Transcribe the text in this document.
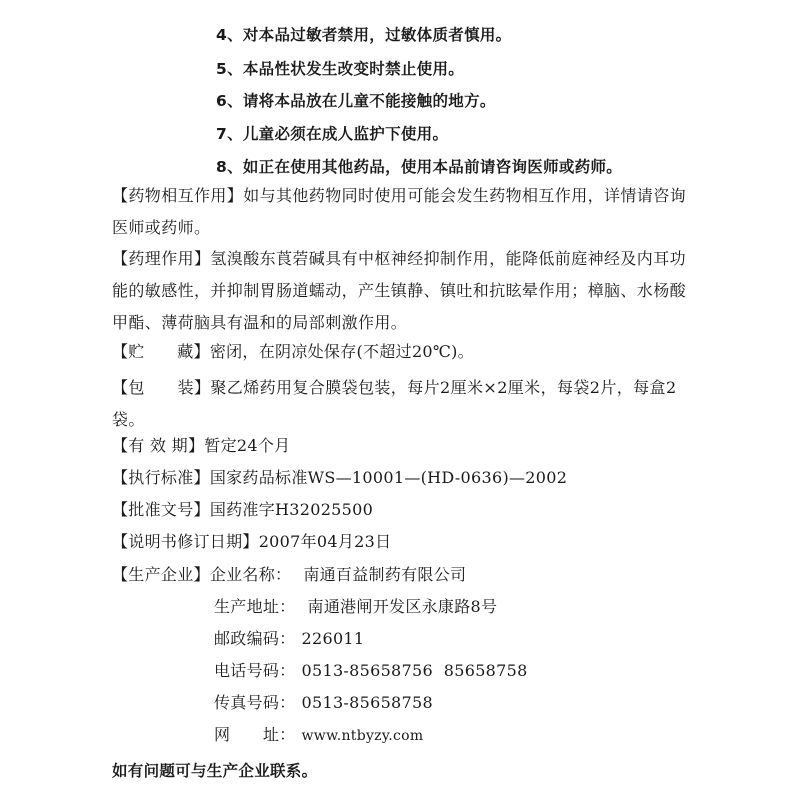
4、对本品过敏者禁用，过敏体质者慎用。
5、本品性状发生改变时禁止使用。
6、请将本品放在儿童不能接触的地方。
7、儿童必须在成人监护下使用。
8、如正在使用其他药品，使用本品前请咨询医师或药师。
【药物相互作用】如与其他药物同时使用可能会发生药物相互作用，详情请咨询医师或药师。
【药理作用】氢溴酸东莨菪碱具有中枢神经抑制作用，能降低前庭神经及内耳功能的敏感性，并抑制胃肠道蠕动，产生镇静、镇吐和抗眩晕作用；樟脑、水杨酸甲酯、薄荷脑具有温和的局部刺激作用。
【贮　　藏】密闭，在阴凉处保存(不超过20℃)。
【包　　装】聚乙烯药用复合膜袋包装，每片2厘米×2厘米，每袋2片，每盒2袋。
【有 效 期】暂定24个月
【执行标准】国家药品标准WS—10001—(HD-0636)—2002
【批准文号】国药准字H32025500
【说明书修订日期】2007年04月23日
【生产企业】企业名称： 南通百益制药有限公司
生产地址： 南通港闸开发区永康路8号
邮政编码： 226011
电话号码： 0513-85658756  85658758
传真号码： 0513-85658758
网　　址： www.ntbyzy.com
如有问题可与生产企业联系。
